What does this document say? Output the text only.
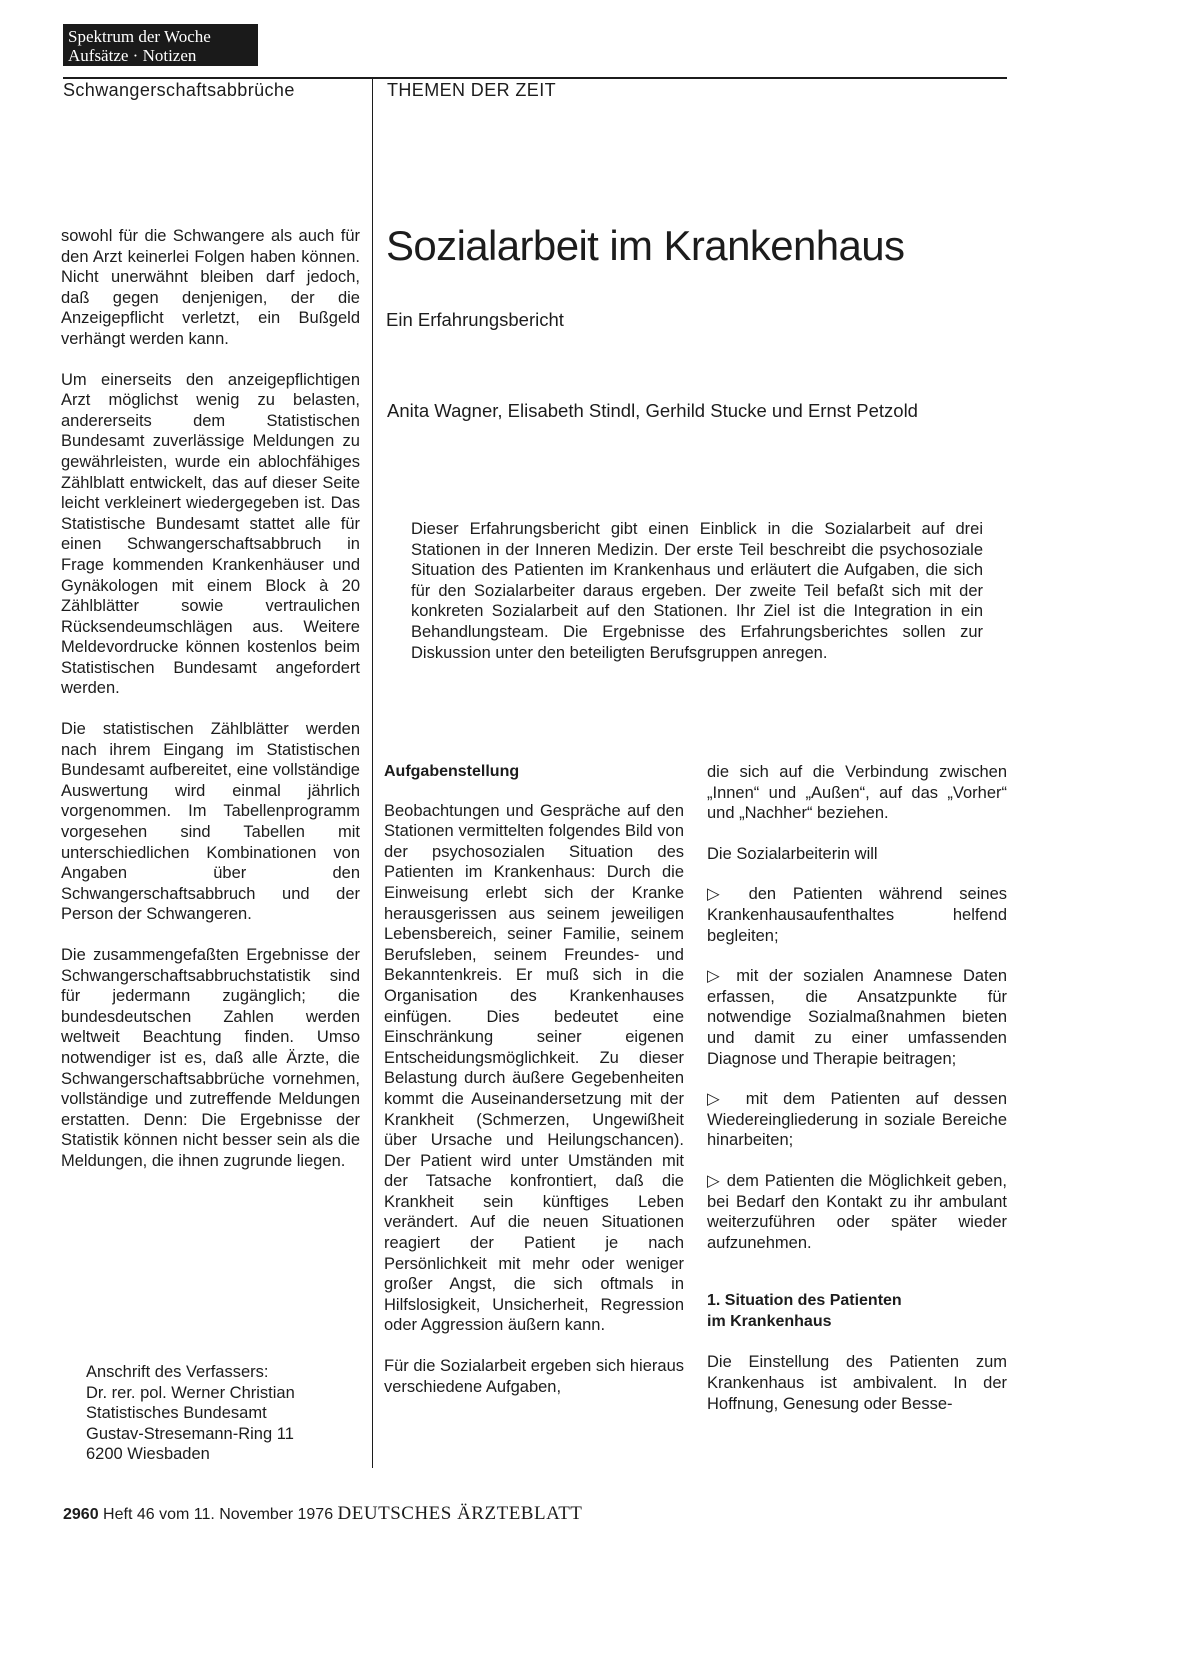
Spektrum der Woche
Aufsätze · Notizen
Schwangerschaftsabbrüche	THEMEN DER ZEIT

sowohl für die Schwangere als auch für den Arzt keinerlei Folgen haben können. Nicht unerwähnt bleiben darf jedoch, daß gegen denjenigen, der die Anzeigepflicht verletzt, ein Bußgeld verhängt werden kann.

Um einerseits den anzeigepflichtigen Arzt möglichst wenig zu belasten, andererseits dem Statistischen Bundesamt zuverlässige Meldungen zu gewährleisten, wurde ein ablochfähiges Zählblatt entwickelt, das auf dieser Seite leicht verkleinert wiedergegeben ist. Das Statistische Bundesamt stattet alle für einen Schwangerschaftsabbruch in Frage kommenden Krankenhäuser und Gynäkologen mit einem Block à 20 Zählblätter sowie vertraulichen Rücksendeumschlägen aus. Weitere Meldevordrucke können kostenlos beim Statistischen Bundesamt angefordert werden.

Die statistischen Zählblätter werden nach ihrem Eingang im Statistischen Bundesamt aufbereitet, eine vollständige Auswertung wird einmal jährlich vorgenommen. Im Tabellenprogramm vorgesehen sind Tabellen mit unterschiedlichen Kombinationen von Angaben über den Schwangerschaftsabbruch und der Person der Schwangeren.

Die zusammengefaßten Ergebnisse der Schwangerschaftsabbruchstatistik sind für jedermann zugänglich; die bundesdeutschen Zahlen werden weltweit Beachtung finden. Umso notwendiger ist es, daß alle Ärzte, die Schwangerschaftsabbrüche vornehmen, vollständige und zutreffende Meldungen erstatten. Denn: Die Ergebnisse der Statistik können nicht besser sein als die Meldungen, die ihnen zugrunde liegen.

Anschrift des Verfassers:
Dr. rer. pol. Werner Christian
Statistisches Bundesamt
Gustav-Stresemann-Ring 11
6200 Wiesbaden
Sozialarbeit im Krankenhaus
Ein Erfahrungsbericht
Anita Wagner, Elisabeth Stindl, Gerhild Stucke und Ernst Petzold
Dieser Erfahrungsbericht gibt einen Einblick in die Sozialarbeit auf drei Stationen in der Inneren Medizin. Der erste Teil beschreibt die psychosoziale Situation des Patienten im Krankenhaus und erläutert die Aufgaben, die sich für den Sozialarbeiter daraus ergeben. Der zweite Teil befaßt sich mit der konkreten Sozialarbeit auf den Stationen. Ihr Ziel ist die Integration in ein Behandlungsteam. Die Ergebnisse des Erfahrungsberichtes sollen zur Diskussion unter den beteiligten Berufsgruppen anregen.
Aufgabenstellung

Beobachtungen und Gespräche auf den Stationen vermittelten folgendes Bild von der psychosozialen Situation des Patienten im Krankenhaus: Durch die Einweisung erlebt sich der Kranke herausgerissen aus seinem jeweiligen Lebensbereich, seiner Familie, seinem Berufsleben, seinem Freundes- und Bekanntenkreis. Er muß sich in die Organisation des Krankenhauses einfügen. Dies bedeutet eine Einschränkung seiner eigenen Entscheidungsmöglichkeit. Zu dieser Belastung durch äußere Gegebenheiten kommt die Auseinandersetzung mit der Krankheit (Schmerzen, Ungewißheit über Ursache und Heilungschancen). Der Patient wird unter Umständen mit der Tatsache konfrontiert, daß die Krankheit sein künftiges Leben verändert. Auf die neuen Situationen reagiert der Patient je nach Persönlichkeit mit mehr oder weniger großer Angst, die sich oftmals in Hilfslosigkeit, Unsicherheit, Regression oder Aggression äußern kann.

Für die Sozialarbeit ergeben sich hieraus verschiedene Aufgaben,

die sich auf die Verbindung zwischen „Innen“ und „Außen“, auf das „Vorher“ und „Nachher“ beziehen.

Die Sozialarbeiterin will

▷ den Patienten während seines Krankenhausaufenthaltes helfend begleiten;

▷ mit der sozialen Anamnese Daten erfassen, die Ansatzpunkte für notwendige Sozialmaßnahmen bieten und damit zu einer umfassenden Diagnose und Therapie beitragen;

▷ mit dem Patienten auf dessen Wiedereingliederung in soziale Bereiche hinarbeiten;

▷ dem Patienten die Möglichkeit geben, bei Bedarf den Kontakt zu ihr ambulant weiterzuführen oder später wieder aufzunehmen.

1. Situation des Patienten
im Krankenhaus

Die Einstellung des Patienten zum Krankenhaus ist ambivalent. In der Hoffnung, Genesung oder Besse-

2960 Heft 46 vom 11. November 1976 DEUTSCHES ÄRZTEBLATT
